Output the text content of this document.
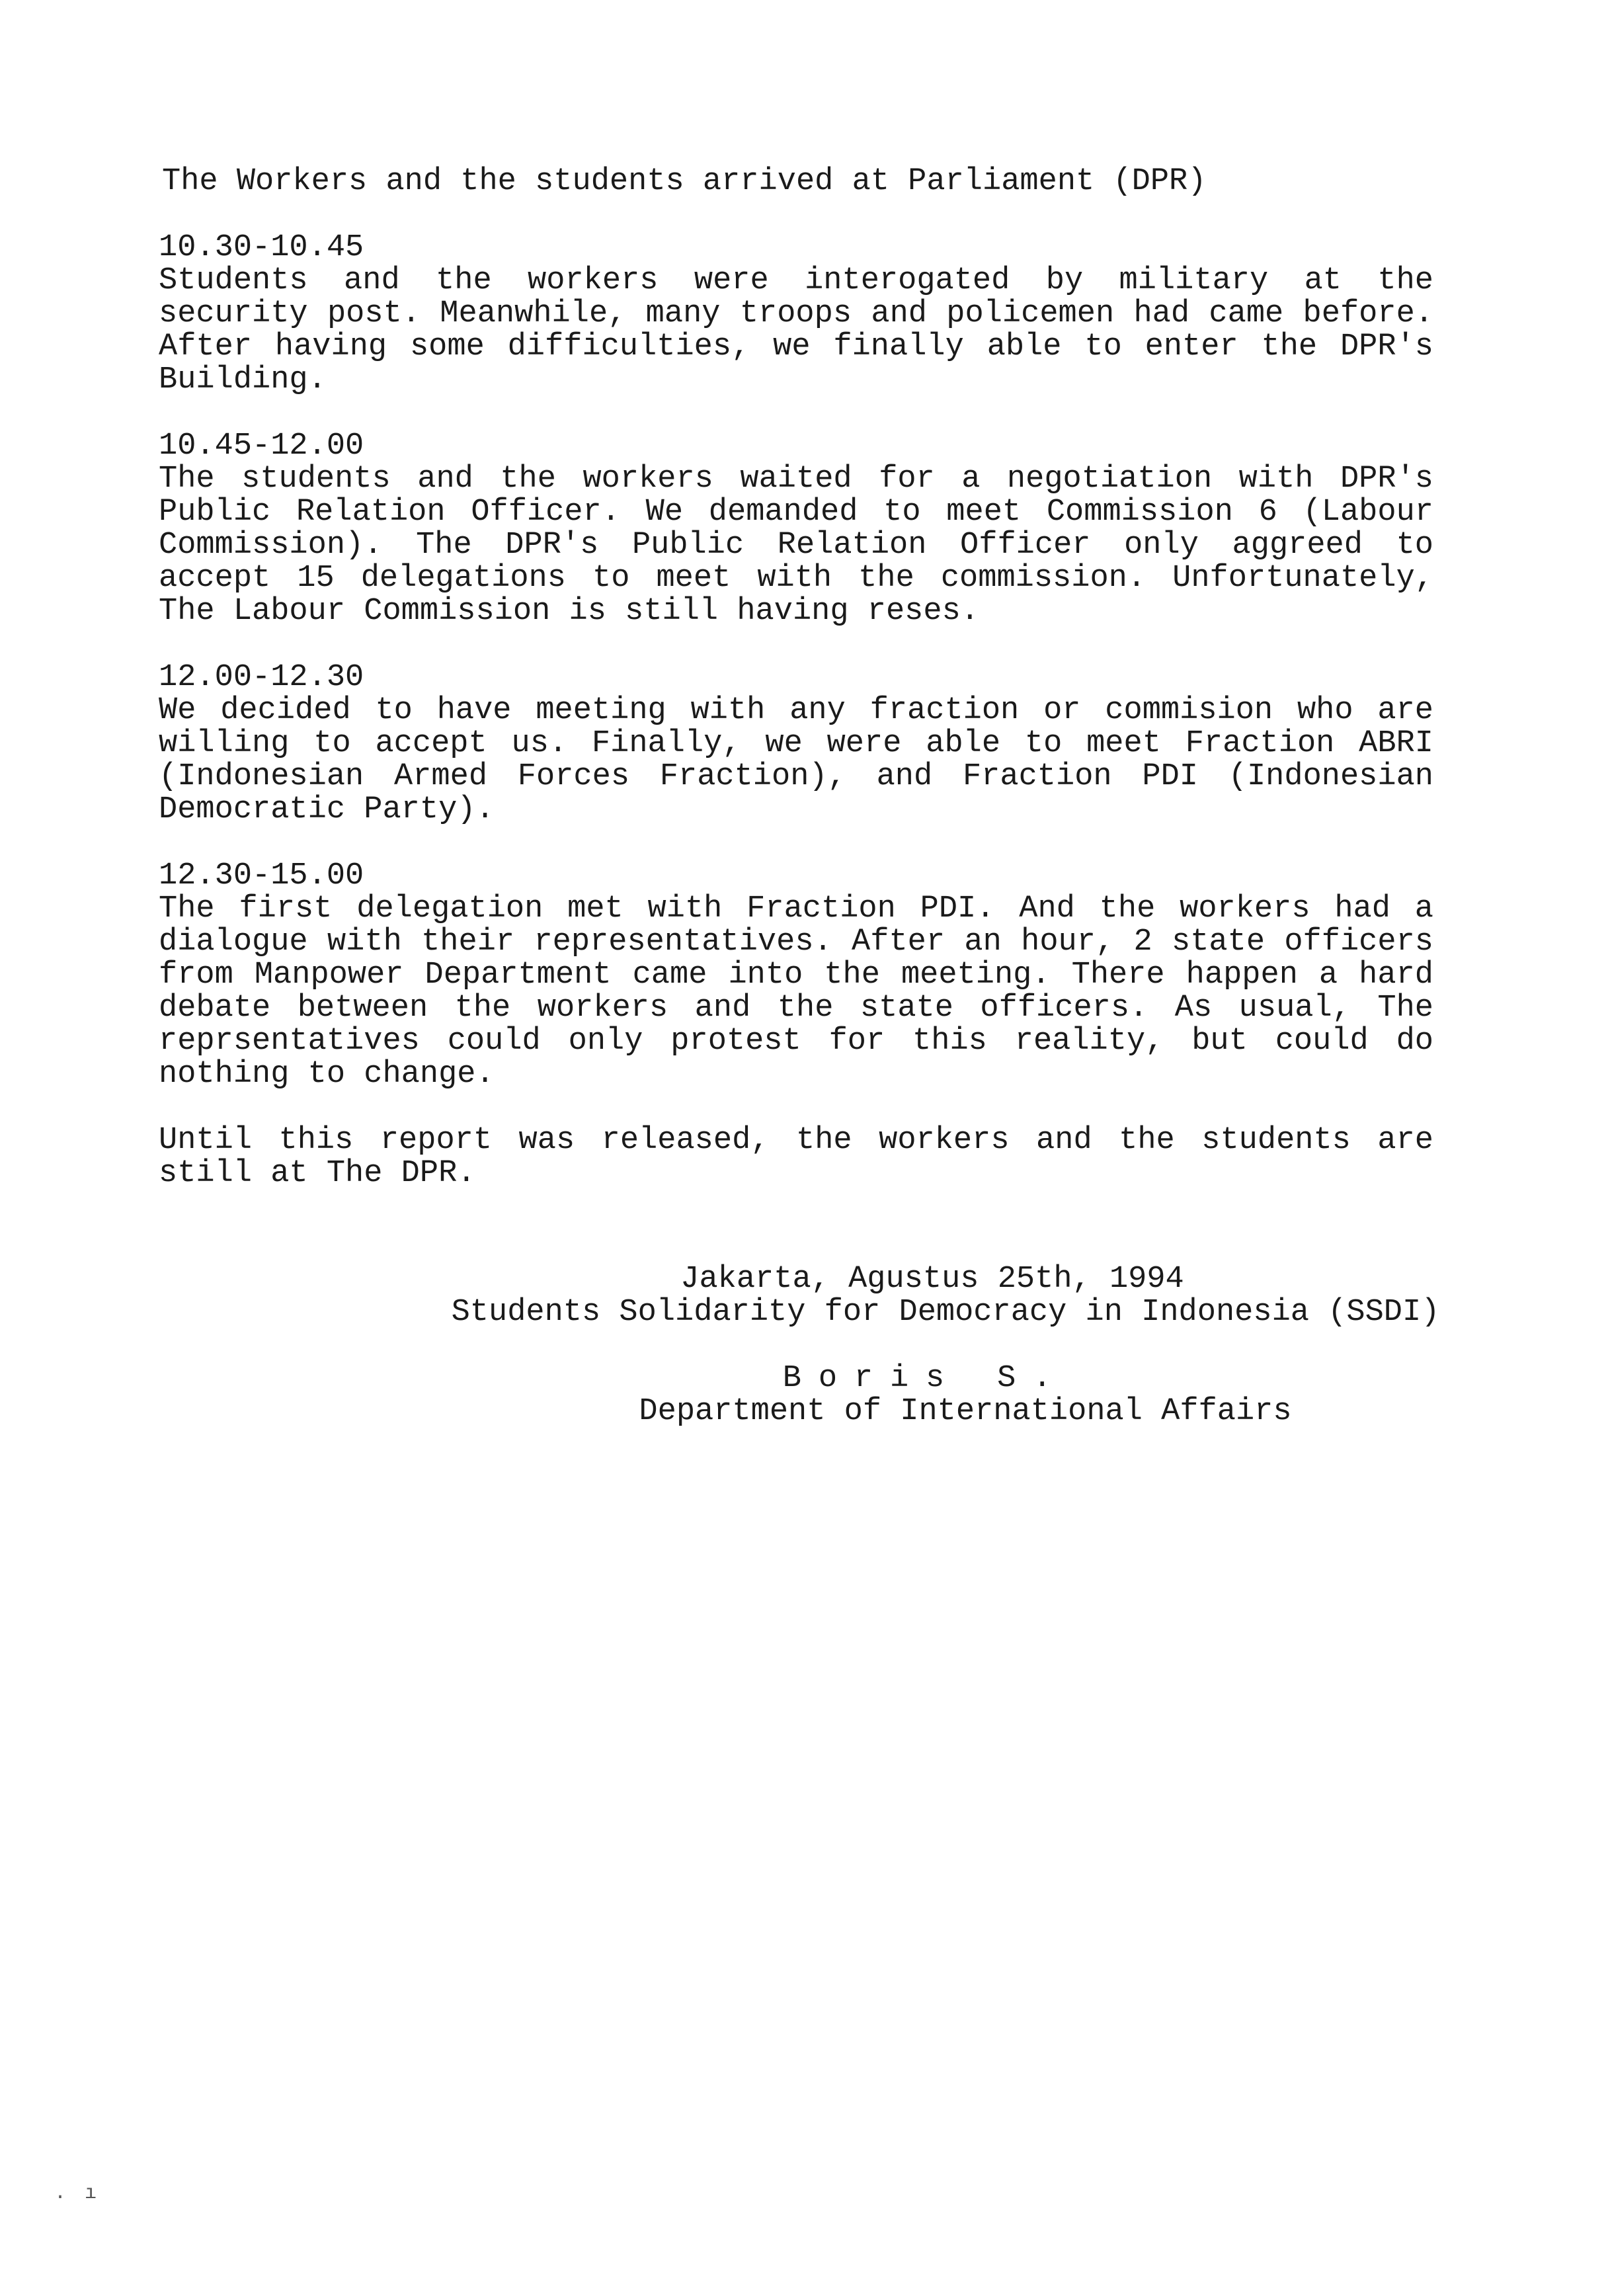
The Workers and the students arrived at Parliament (DPR)
10.30-10.45
Students and the workers were interogated by military at the security post. Meanwhile, many troops and policemen had came before. After having some difficulties, we finally able to enter the DPR's Building.
10.45-12.00
The students and the workers waited for a negotiation with DPR's Public Relation Officer. We demanded to meet Commission 6 (Labour Commission). The DPR's Public Relation Officer only aggreed to accept 15 delegations to meet with the commission. Unfortunately, The Labour Commission is still having reses.
12.00-12.30
We decided to have meeting with any fraction or commision who are willing to accept us. Finally, we were able to meet Fraction ABRI (Indonesian Armed Forces Fraction), and Fraction PDI (Indonesian Democratic Party).
12.30-15.00
The first delegation met with Fraction PDI. And the workers had a dialogue with their representatives. After an hour, 2 state officers from Manpower Department came into the meeting. There happen a hard debate between the workers and the state officers. As usual, The reprsentatives could only protest for this reality, but could do nothing to change.
Until this report was released, the workers and the students are still at The DPR.
Jakarta, Agustus 25th, 1994
Students Solidarity for Democracy in Indonesia (SSDI)
Boris S.
Department of International Affairs
· ı
